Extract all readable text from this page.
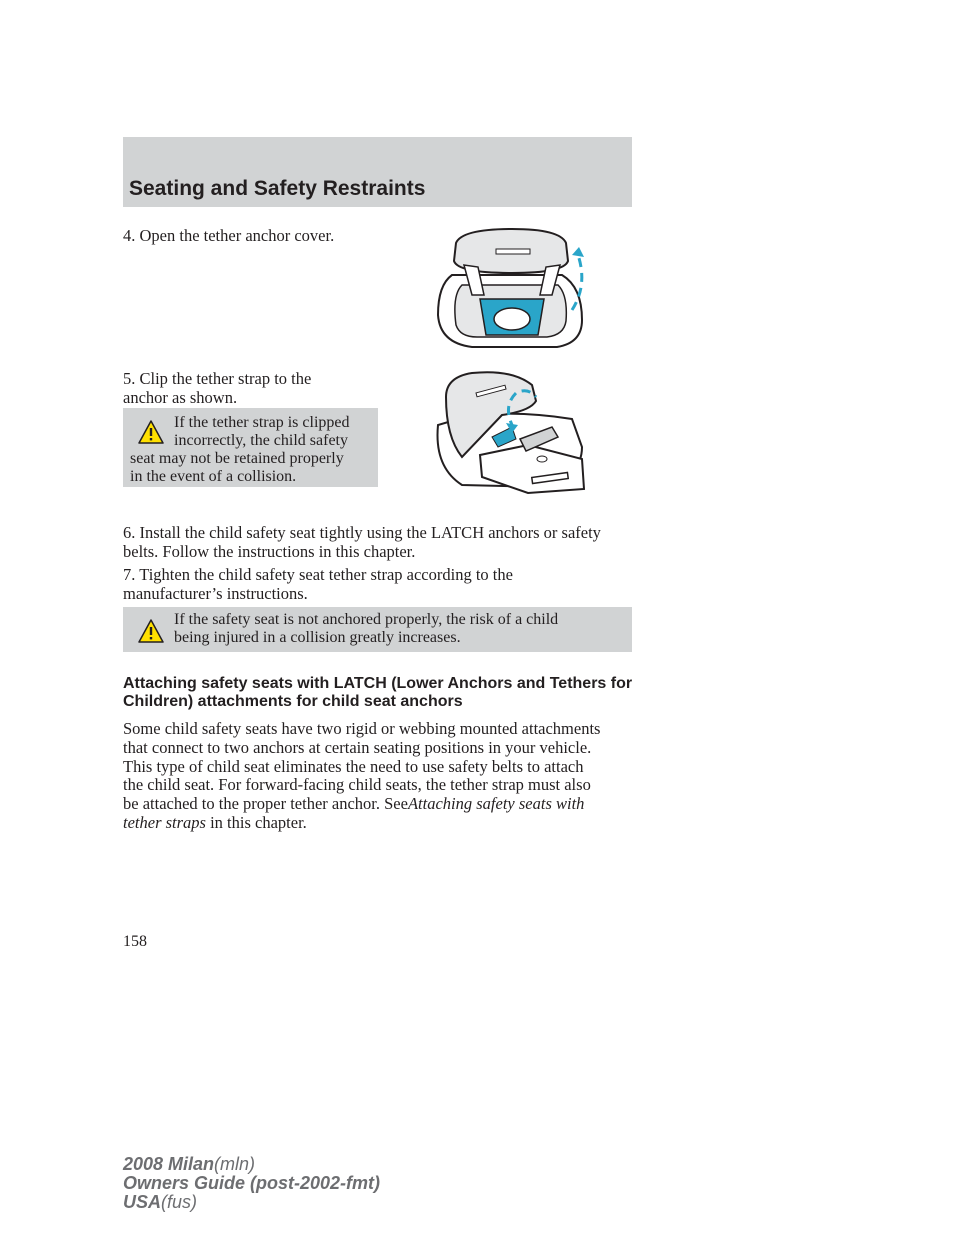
Seating and Safety Restraints

4. Open the tether anchor cover.

5. Clip the tether strap to the

anchor as shown.

If the tether strap is clipped
incorrectly, the child safety
seat may not be retained properly
in the event of a collision.

6. Install the child safety seat tightly using the LATCH anchors or safety

belts. Follow the instructions in this chapter.

7. Tighten the child safety seat tether strap according to the

manufacturer’s instructions.

If the safety seat is not anchored properly, the risk of a child
being injured in a collision greatly increases.
Attaching safety seats with LATCH (Lower Anchors and Tethers for
Children) attachments for child seat anchors
Some child safety seats have two rigid or webbing mounted attachments
that connect to two anchors at certain seating positions in your vehicle.
This type of child seat eliminates the need to use safety belts to attach
the child seat. For forward-facing child seats, the tether strap must also
be attached to the proper tether anchor. SeeAttaching safety seats with
tether straps in this chapter.
158
2008 Milan(mln)
Owners Guide (post-2002-fmt)
USA(fus)
